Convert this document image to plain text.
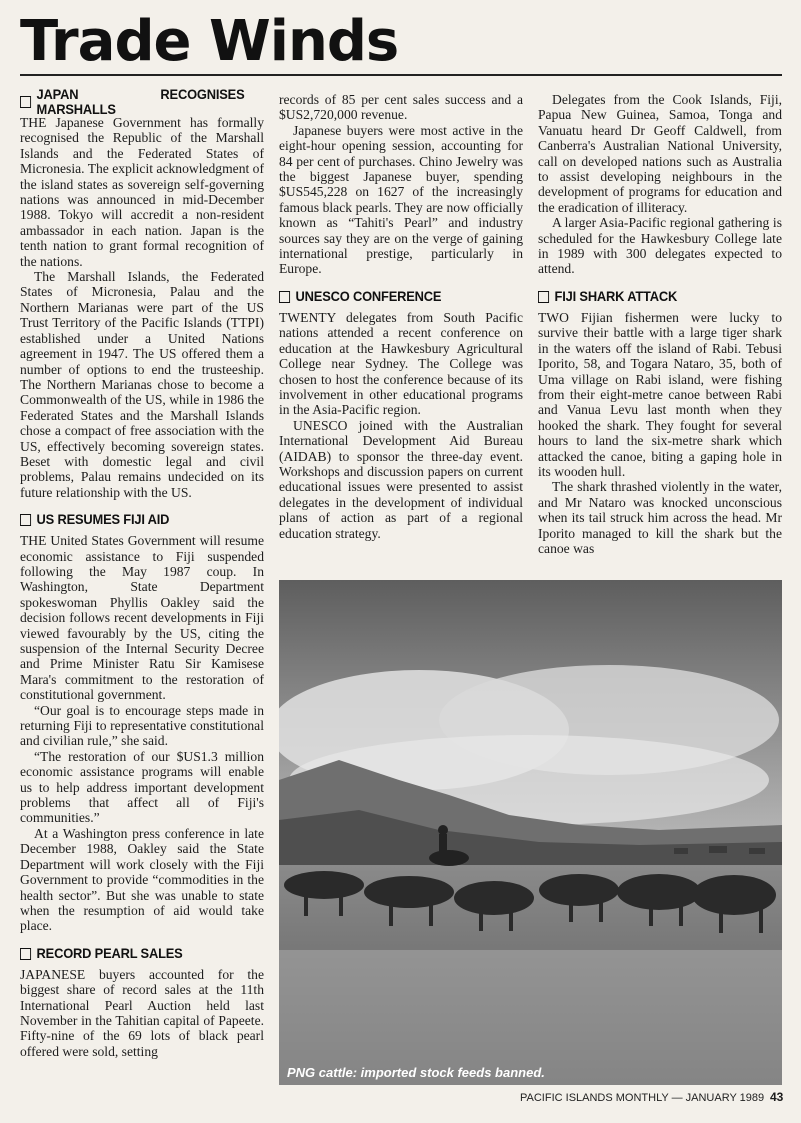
Trade Winds
JAPAN RECOGNISES MARSHALLS

THE Japanese Government has formally recognised the Republic of the Marshall Islands and the Federated States of Micronesia. The explicit acknowledgment of the island states as sovereign self-governing nations was announced in mid-December 1988. Tokyo will accredit a non-resident ambassador in each nation. Japan is the tenth nation to grant formal recognition of the nations.

The Marshall Islands, the Federated States of Micronesia, Palau and the Northern Marianas were part of the US Trust Territory of the Pacific Islands (TTPI) established under a United Nations agreement in 1947. The US offered them a number of options to end the trusteeship. The Northern Marianas chose to become a Commonwealth of the US, while in 1986 the Federated States and the Marshall Islands chose a compact of free association with the US, effectively becoming sovereign states. Beset with domestic legal and civil problems, Palau remains undecided on its future relationship with the US.

US RESUMES FIJI AID

THE United States Government will resume economic assistance to Fiji suspended following the May 1987 coup. In Washington, State Department spokeswoman Phyllis Oakley said the decision follows recent developments in Fiji viewed favourably by the US, citing the suspension of the Internal Security Decree and Prime Minister Ratu Sir Kamisese Mara's commitment to the restoration of constitutional government.

“Our goal is to encourage steps made in returning Fiji to representative constitutional and civilian rule,” she said.

“The restoration of our $US1.3 million economic assistance programs will enable us to help address important development problems that affect all of Fiji's communities.”

At a Washington press conference in late December 1988, Oakley said the State Department will work closely with the Fiji Government to provide “commodities in the health sector”. But she was unable to state when the resumption of aid would take place.

RECORD PEARL SALES

JAPANESE buyers accounted for the biggest share of record sales at the 11th International Pearl Auction held last November in the Tahitian capital of Papeete. Fifty-nine of the 69 lots of black pearl offered were sold, setting

records of 85 per cent sales success and a $US2,720,000 revenue.

Japanese buyers were most active in the eight-hour opening session, accounting for 84 per cent of purchases. Chino Jewelry was the biggest Japanese buyer, spending $US545,228 on 1627 of the increasingly famous black pearls. They are now officially known as “Tahiti's Pearl” and industry sources say they are on the verge of gaining international prestige, particularly in Europe.

UNESCO CONFERENCE

TWENTY delegates from South Pacific nations attended a recent conference on education at the Hawkesbury Agricultural College near Sydney. The College was chosen to host the conference because of its involvement in other educational programs in the Asia-Pacific region.

UNESCO joined with the Australian International Development Aid Bureau (AIDAB) to sponsor the three-day event. Workshops and discussion papers on current educational issues were presented to assist delegates in the development of individual plans of action as part of a regional education strategy.

Delegates from the Cook Islands, Fiji, Papua New Guinea, Samoa, Tonga and Vanuatu heard Dr Geoff Caldwell, from Canberra's Australian National University, call on developed nations such as Australia to assist developing neighbours in the development of programs for education and the eradication of illiteracy.

A larger Asia-Pacific regional gathering is scheduled for the Hawkesbury College late in 1989 with 300 delegates expected to attend.

FIJI SHARK ATTACK

TWO Fijian fishermen were lucky to survive their battle with a large tiger shark in the waters off the island of Rabi. Tebusi Iporito, 58, and Togara Nataro, 35, both of Uma village on Rabi island, were fishing from their eight-metre canoe between Rabi and Vanua Levu last month when they hooked the shark. They fought for several hours to land the six-metre shark which attacked the canoe, biting a gaping hole in its wooden hull.

The shark thrashed violently in the water, and Mr Nataro was knocked unconscious when its tail struck him across the head. Mr Iporito managed to kill the shark but the canoe was

PNG cattle: imported stock feeds banned.
PACIFIC ISLANDS MONTHLY — JANUARY 1989 43
